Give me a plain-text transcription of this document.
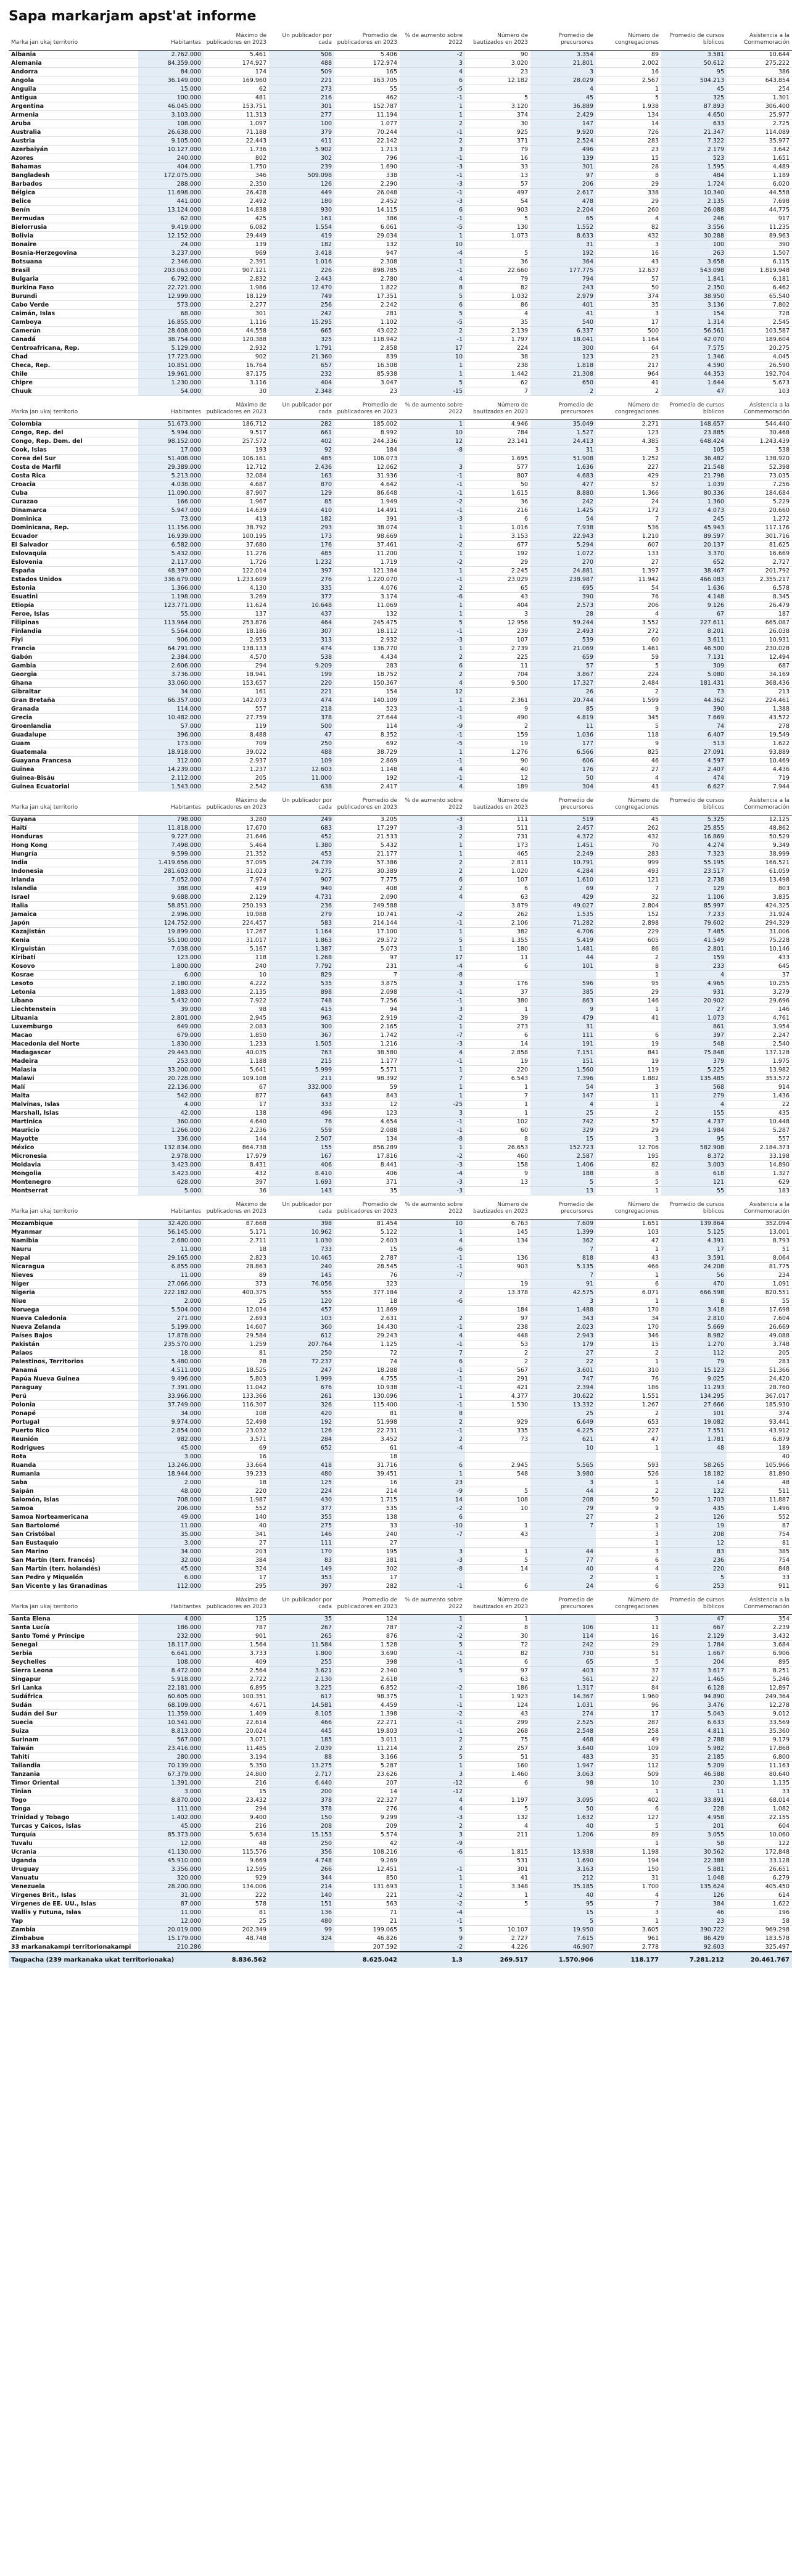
Sapa markarjam apst'at informe
Marka jan ukaj territorio	Habitantes	Máximo de publicadores en 2023	Un publicador por cada	Promedio de publicadores en 2023	% de aumento sobre 2022	Número de bautizados en 2023	Promedio de precursores	Número de congregaciones	Promedio de cursos bíblicos	Asistencia a la Conmemoración
Albania	2.762.000	5.461	506	5.406	-2	90	3.354	89	3.581	10.644
Alemania	84.359.000	174.927	488	172.974	3	3.020	21.801	2.002	50.612	275.222
Andorra	84.000	174	509	165	4	23	3	16	95	386
Angola	36.149.000	169.960	221	163.705	6	12.182	28.029	2.567	504.213	643.854
Anguila	15.000	62	273	55	-5		4	1	45	254
Antigua	100.000	481	216	462	-1	5	45	5	325	1.301
Argentina	46.045.000	153.751	301	152.787	1	3.120	36.889	1.938	87.893	306.400
Armenia	3.103.000	11.313	277	11.194	1	374	2.429	134	4.650	25.977
Aruba	108.000	1.097	100	1.077	2	30	147	14	633	2.725
Australia	26.638.000	71.188	379	70.244	-1	925	9.920	726	21.347	114.089
Austria	9.105.000	22.443	411	22.142	2	371	2.524	283	7.322	35.977
Azerbaiyán	10.127.000	1.736	5.902	1.713	3	79	496	23	2.179	3.642
Azores	240.000	802	302	796	-1	16	139	15	523	1.651
Bahamas	404.000	1.750	239	1.690	-3	33	301	28	1.595	4.489
Bangladesh	172.075.000	346	509.098	338	-1	13	97	8	484	1.189
Barbados	288.000	2.350	126	2.290	-3	57	206	29	1.724	6.020
Bélgica	11.698.000	26.428	449	26.048	-1	497	2.617	338	10.340	44.558
Belice	441.000	2.492	180	2.452	-3	54	478	29	2.135	7.698
Benín	13.124.000	14.838	930	14.115	6	903	2.204	260	26.088	44.775
Bermudas	62.000	425	161	386	-1	5	65	4	246	917
Bielorrusia	9.419.000	6.082	1.554	6.061	-5	130	1.552	82	3.556	11.235
Bolivia	12.152.000	29.449	419	29.034	1	1.073	8.633	432	30.288	89.963
Bonaire	24.000	139	182	132	10		31	3	100	390
Bosnia-Herzegovina	3.237.000	969	3.418	947	-4	5	192	16	263	1.507
Botsuana	2.346.000	2.391	1.016	2.308	1	36	364	43	3.658	6.115
Brasil	203.063.000	907.121	226	898.785	-1	22.660	177.775	12.637	543.098	1.819.948
Bulgaria	6.792.000	2.832	2.443	2.780	4	79	794	57	1.841	6.181
Burkina Faso	22.721.000	1.986	12.470	1.822	8	82	243	50	2.350	6.462
Burundi	12.999.000	18.129	749	17.351	5	1.032	2.979	374	38.950	65.540
Cabo Verde	573.000	2.277	256	2.242	6	86	401	35	3.136	7.802
Caimán, Islas	68.000	301	242	281	5	4	41	3	154	728
Camboya	16.855.000	1.116	15.295	1.102	-5	35	540	17	1.314	2.545
Camerún	28.608.000	44.558	665	43.022	2	2.139	6.337	500	56.561	103.587
Canadá	38.754.000	120.388	325	118.942	-1	1.797	18.041	1.164	42.070	189.604
Centroafricana, Rep.	5.129.000	2.932	1.791	2.858	17	224	300	64	7.575	20.275
Chad	17.723.000	902	21.360	839	10	38	123	23	1.346	4.045
Checa, Rep.	10.851.000	16.764	657	16.508	1	238	1.818	217	4.590	26.590
Chile	19.961.000	87.175	232	85.938	1	1.442	21.308	964	44.353	192.704
Chipre	1.230.000	3.116	404	3.047	5	62	650	41	1.644	5.673
Chuuk	54.000	30	2.348	23	-15	7	2	2	47	103
Marka jan ukaj territorio	Habitantes	Máximo de publicadores en 2023	Un publicador por cada	Promedio de publicadores en 2023	% de aumento sobre 2022	Número de bautizados en 2023	Promedio de precursores	Número de congregaciones	Promedio de cursos bíblicos	Asistencia a la Conmemoración
Colombia	51.673.000	186.712	282	185.002	1	4.946	35.049	2.271	148.657	544.440
Congo, Rep. del	5.994.000	9.517	661	8.992	10	784	1.527	123	23.885	30.468
Congo, Rep. Dem. del	98.152.000	257.572	402	244.336	12	23.141	24.413	4.385	648.424	1.243.439
Cook, Islas	17.000	193	92	184	-8		31	3	105	538
Corea del Sur	51.408.000	106.161	485	106.073		1.695	51.908	1.252	36.482	138.920
Costa de Marfil	29.389.000	12.712	2.436	12.062	3	577	1.636	227	21.548	52.398
Costa Rica	5.213.000	32.084	163	31.936	-1	807	4.683	429	21.798	73.035
Croacia	4.038.000	4.687	870	4.642	-1	50	477	57	1.039	7.256
Cuba	11.090.000	87.907	129	86.648	-1	1.615	8.880	1.366	80.336	184.684
Curazao	166.000	1.967	85	1.949	-2	36	242	24	1.360	5.229
Dinamarca	5.947.000	14.639	410	14.491	-1	216	1.425	172	4.073	20.660
Dominica	73.000	413	182	391	-3	6	54	7	245	1.272
Dominicana, Rep.	11.156.000	38.792	293	38.074	1	1.016	7.938	536	45.943	117.176
Ecuador	16.939.000	100.195	173	98.669	1	3.153	22.943	1.210	89.597	301.716
El Salvador	6.582.000	37.680	176	37.461	-2	677	5.294	607	20.137	81.625
Eslovaquia	5.432.000	11.276	485	11.200	1	192	1.072	133	3.370	16.669
Eslovenia	2.117.000	1.726	1.232	1.719	-2	29	270	27	652	2.727
España	48.397.000	122.014	397	121.384	1	2.245	24.881	1.397	38.467	201.792
Estados Unidos	336.679.000	1.233.609	276	1.220.070	-1	23.029	238.987	11.942	466.083	2.355.217
Estonia	1.366.000	4.130	335	4.076	2	65	695	54	1.636	6.578
Esuatini	1.198.000	3.269	377	3.174	-6	43	390	76	4.148	8.345
Etiopía	123.771.000	11.624	10.648	11.069	1	404	2.573	206	9.126	26.479
Feroe, Islas	55.000	137	437	132	1	3	28	4	67	187
Filipinas	113.964.000	253.876	464	245.475	5	12.956	59.244	3.552	227.611	665.087
Finlandia	5.564.000	18.186	307	18.112	-1	239	2.493	272	8.201	26.038
Fiyi	906.000	2.953	313	2.932	-3	107	539	60	3.611	10.931
Francia	64.791.000	138.133	474	136.770	1	2.739	21.069	1.461	46.500	230.028
Gabón	2.384.000	4.570	538	4.434	2	225	659	59	7.131	12.494
Gambia	2.606.000	294	9.209	283	6	11	57	5	309	687
Georgia	3.736.000	18.941	199	18.752	2	704	3.867	224	5.080	34.169
Ghana	33.060.000	153.657	220	150.367	4	9.500	17.327	2.484	181.431	368.436
Gibraltar	34.000	161	221	154	12		26	2	73	213
Gran Bretaña	66.357.000	142.073	474	140.109	1	2.361	20.744	1.599	44.362	224.461
Granada	114.000	557	218	523	-1	9	85	9	390	1.388
Grecia	10.482.000	27.759	378	27.644	-1	490	4.819	345	7.669	43.572
Groenlandia	57.000	119	500	114	-9	2	11	5	74	278
Guadalupe	396.000	8.488	47	8.352	-1	159	1.036	118	6.407	19.549
Guam	173.000	709	250	692	-5	19	177	9	513	1.622
Guatemala	18.918.000	39.022	488	38.729	1	1.276	6.566	825	27.091	93.889
Guayana Francesa	312.000	2.937	109	2.869	-1	90	606	46	4.597	10.469
Guinea	14.239.000	1.237	12.603	1.148	4	40	176	27	2.407	4.436
Guinea-Bisáu	2.112.000	205	11.000	192	-1	12	50	4	474	719
Guinea Ecuatorial	1.543.000	2.542	638	2.417	4	189	304	43	6.627	7.944
Marka jan ukaj territorio	Habitantes	Máximo de publicadores en 2023	Un publicador por cada	Promedio de publicadores en 2023	% de aumento sobre 2022	Número de bautizados en 2023	Promedio de precursores	Número de congregaciones	Promedio de cursos bíblicos	Asistencia a la Conmemoración
Guyana	798.000	3.280	249	3.205	-3	111	519	45	5.325	12.125
Haití	11.818.000	17.670	683	17.297	-3	511	2.457	262	25.855	48.862
Honduras	9.727.000	21.646	452	21.533	2	731	4.372	432	16.869	50.529
Hong Kong	7.498.000	5.464	1.380	5.432	1	173	1.451	70	4.274	9.349
Hungría	9.599.000	21.352	453	21.177	1	465	2.249	283	7.323	38.999
India	1.419.656.000	57.095	24.739	57.386	2	2.811	10.791	999	55.195	166.521
Indonesia	281.603.000	31.023	9.275	30.389	2	1.020	4.284	493	23.517	61.059
Irlanda	7.052.000	7.974	907	7.775	6	107	1.610	121	2.738	13.498
Islandia	388.000	419	940	408	2	6	69	7	129	803
Israel	9.688.000	2.129	4.731	2.090	4	63	429	32	1.106	3.835
Italia	58.851.000	250.193	236	249.588		3.879	49.027	2.804	85.997	424.325
Jamaica	2.996.000	10.988	279	10.741	-2	262	1.535	152	7.233	31.924
Japón	124.752.000	224.457	583	214.144	-1	2.106	71.282	2.898	79.602	294.329
Kazajistán	19.899.000	17.267	1.164	17.100	1	382	4.706	229	7.485	31.006
Kenia	55.100.000	31.017	1.863	29.572	5	1.355	5.419	605	41.549	75.228
Kirguistán	7.038.000	5.167	1.387	5.073	1	180	1.481	86	2.801	10.146
Kiribati	123.000	118	1.268	97	17	11	44	2	159	433
Kosovo	1.800.000	240	7.792	231	-4	6	101	8	233	645
Kosrae	6.000	10	829	7	-8			1	4	37
Lesoto	2.180.000	4.222	535	3.875	3	176	596	95	4.965	10.255
Letonia	1.883.000	2.135	898	2.098	-1	37	385	29	931	3.279
Líbano	5.432.000	7.922	748	7.256	-1	380	863	146	20.902	29.696
Liechtenstein	39.000	98	415	94	3	1	9	1	27	146
Lituania	2.801.000	2.945	963	2.919	-2	39	479	41	1.073	4.761
Luxemburgo	649.000	2.083	300	2.165	1	273	31		861	3.954
Macao	679.000	1.850	367	1.742	-7	6	111	6	397	2.247
Macedonia del Norte	1.830.000	1.233	1.505	1.216	-3	14	191	19	548	2.540
Madagascar	29.443.000	40.035	763	38.580	4	2.858	7.151	841	75.848	137.128
Madeira	253.000	1.188	215	1.177	-1	19	151	19	379	1.975
Malasia	33.200.000	5.641	5.999	5.571	1	220	1.560	119	5.225	13.982
Malawi	20.728.000	109.108	211	98.392	7	6.543	7.396	1.882	135.485	353.572
Malí	22.136.000	67	332.000	59	1	1	54	3	568	914
Malta	542.000	877	643	843	1	7	147	11	279	1.436
Malvinas, Islas	4.000	17	333	12	-25	1	4	1	4	22
Marshall, Islas	42.000	138	496	123	3	1	25	2	155	435
Martinica	360.000	4.640	76	4.654	-1	102	742	57	4.737	10.448
Mauricio	1.266.000	2.236	559	2.088	-1	60	329	29	1.984	5.287
Mayotte	336.000	144	2.507	134	-8	8	15	3	95	557
México	132.834.000	864.738	155	856.289	1	26.653	152.723	12.706	582.908	2.184.373
Micronesia	2.978.000	17.979	167	17.816	-2	460	2.587	195	8.372	33.198
Moldavia	3.423.000	8.431	406	8.441	-3	158	1.406	82	3.003	14.890
Mongolia	3.423.000	432	8.410	406	-4	9	188	8	618	1.327
Montenegro	628.000	397	1.693	371	-3	13	5	5	121	629
Montserrat	5.000	36	143	35	-3		13	1	55	183
Marka jan ukaj territorio	Habitantes	Máximo de publicadores en 2023	Un publicador por cada	Promedio de publicadores en 2023	% de aumento sobre 2022	Número de bautizados en 2023	Promedio de precursores	Número de congregaciones	Promedio de cursos bíblicos	Asistencia a la Conmemoración
Mozambique	32.420.000	87.668	398	81.454	10	6.763	7.609	1.651	139.864	352.094
Myanmar	56.145.000	5.171	10.962	5.122	1	145	1.399	103	5.125	13.001
Namibia	2.680.000	2.711	1.030	2.603	4	134	362	47	4.391	8.793
Nauru	11.000	18	733	15	-6		7	1	17	51
Nepal	29.165.000	2.823	10.465	2.787	-1	136	818	43	3.591	8.064
Nicaragua	6.855.000	28.863	240	28.545	-1	903	5.135	466	24.208	81.775
Nieves	11.000	89	145	76	-7		7	1	56	234
Níger	27.066.000	373	76.056	323		19	91	6	470	1.091
Nigeria	222.182.000	400.375	555	377.184	2	13.378	42.575	6.071	666.598	820.551
Niue	2.000	25	120	18	-6		3	1	8	55
Noruega	5.504.000	12.034	457	11.869		184	1.488	170	3.418	17.698
Nueva Caledonia	271.000	2.693	103	2.631	2	97	343	34	2.810	7.604
Nueva Zelanda	5.199.000	14.607	360	14.430	-1	238	2.023	170	5.669	26.669
Países Bajos	17.878.000	29.584	612	29.243	4	448	2.943	346	8.982	49.088
Pakistán	235.570.000	1.259	207.764	1.125	-1	53	179	15	1.270	3.748
Palaos	18.000	81	250	72	7	2	27	2	112	205
Palestinos, Territorios	5.480.000	78	72.237	74	6	2	22	1	79	283
Panamá	4.511.000	18.525	247	18.288	-1	567	3.601	310	15.123	51.366
Papúa Nueva Guinea	9.496.000	5.803	1.999	4.755	-1	291	747	76	9.025	24.420
Paraguay	7.391.000	11.042	676	10.938	-1	421	2.394	186	11.293	28.760
Perú	33.966.000	133.366	261	130.096	1	4.377	30.622	1.551	134.295	367.017
Polonia	37.749.000	116.307	326	115.400	-1	1.530	13.332	1.267	27.666	185.930
Ponapé	34.000	108	420	81	8		25	2	101	374
Portugal	9.974.000	52.498	192	51.998	2	929	6.649	653	19.082	93.441
Puerto Rico	2.854.000	23.032	126	22.731	-1	335	4.225	227	7.551	43.912
Reunión	982.000	3.571	284	3.452	2	73	621	47	1.781	6.879
Rodrigues	45.000	69	652	61	-4		10	1	48	189
Rota	3.000	16		18						40
Ruanda	13.246.000	33.664	418	31.716	6	2.945	5.565	593	58.265	105.966
Rumania	18.944.000	39.233	480	39.451	1	548	3.980	526	18.182	81.890
Saba	2.000	18	125	16	23		3	1	14	48
Saipán	48.000	220	224	214	-9	5	44	2	132	511
Salomón, Islas	708.000	1.987	430	1.715	14	108	208	50	1.703	11.887
Samoa	206.000	552	377	535	-2	10	79	9	435	1.496
Samoa Norteamericana	49.000	140	355	138	6		27	2	126	552
San Bartolomé	11.000	40	275	33	-10	1	7	1	19	87
San Cristóbal	35.000	341	146	240	-7	43		3	208	754
San Eustaquio	3.000	27	111	27				1	12	81
San Marino	34.000	203	170	195	3	1	44	3	83	385
San Martín (terr. francés)	32.000	384	83	381	-3	5	77	6	236	754
San Martín (terr. holandés)	45.000	324	149	302	-8	14	40	4	220	848
San Pedro y Miquelón	6.000	17	353	17			2	1	5	33
San Vicente y las Granadinas	112.000	295	397	282	-1	6	24	6	253	911
Marka jan ukaj territorio	Habitantes	Máximo de publicadores en 2023	Un publicador por cada	Promedio de publicadores en 2023	% de aumento sobre 2022	Número de bautizados en 2023	Promedio de precursores	Número de congregaciones	Promedio de cursos bíblicos	Asistencia a la Conmemoración
Santa Elena	4.000	125	35	124	1	1		3	47	354
Santa Lucía	186.000	787	267	787	-2	8	106	11	667	2.239
Santo Tomé y Príncipe	232.000	901	265	876	-2	30	114	16	2.129	3.432
Senegal	18.117.000	1.564	11.584	1.528	5	72	242	29	1.784	3.684
Serbia	6.641.000	3.733	1.800	3.690	-1	82	730	51	1.667	6.906
Seychelles	108.000	409	255	398	-1	6	65	5	204	895
Sierra Leona	8.472.000	2.564	3.621	2.340	5	97	403	37	3.617	8.251
Singapur	5.918.000	2.722	2.130	2.618		63	561	27	1.465	5.246
Sri Lanka	22.181.000	6.895	3.225	6.852	-2	186	1.317	84	6.128	12.897
Sudáfrica	60.605.000	100.351	617	98.375	1	1.923	14.367	1.960	94.890	249.364
Sudán	68.109.000	4.671	14.581	4.459	-1	124	1.031	96	3.476	12.278
Sudán del Sur	11.359.000	1.409	8.105	1.398	-2	43	274	17	5.043	9.012
Suecia	10.541.000	22.614	466	22.271	-1	299	2.525	287	6.633	33.569
Suiza	8.813.000	20.024	445	19.803	-1	268	2.548	258	4.811	35.360
Surinam	567.000	3.071	185	3.011	2	75	468	49	2.788	9.179
Taiwán	23.416.000	11.485	2.039	11.214	2	257	3.640	109	5.982	17.868
Tahití	280.000	3.194	88	3.166	5	51	483	35	2.185	6.800
Tailandia	70.139.000	5.350	13.275	5.287	1	160	1.947	112	5.209	11.163
Tanzania	67.379.000	24.800	2.717	23.626	3	1.460	3.063	509	46.588	80.640
Timor Oriental	1.391.000	216	6.440	207	-12	6	98	10	230	1.135
Tinian	3.000	15	200	14	-12			1	11	33
Togo	8.870.000	23.432	378	22.327	4	1.197	3.095	402	33.891	68.014
Tonga	111.000	294	378	276	4	5	50	6	228	1.082
Trinidad y Tobago	1.402.000	9.400	150	9.299	-3	132	1.632	127	4.958	22.155
Turcas y Caicos, Islas	45.000	216	208	209	2	4	40	5	201	604
Turquía	85.373.000	5.634	15.153	5.574	3	211	1.206	89	3.055	10.060
Tuvalu	12.000	48	250	42	-9			1	58	122
Ucrania	41.130.000	115.576	356	108.216	-6	1.815	13.938	1.198	30.562	172.848
Uganda	45.910.000	9.669	4.748	9.269		531	1.690	194	22.388	33.128
Uruguay	3.356.000	12.595	266	12.451	-1	301	3.163	150	5.881	26.651
Vanuatu	320.000	929	344	850	1	41	212	31	1.048	6.279
Venezuela	28.200.000	134.006	214	131.693	1	3.348	35.185	1.700	135.624	405.450
Vírgenes Brit., Islas	31.000	222	140	221	-2	1	40	4	126	614
Vírgenes de EE. UU., Islas	87.000	578	151	563	-2	5	95	7	384	1.622
Wallis y Futuna, Islas	11.000	81	136	71	-4		15	3	46	196
Yap	12.000	25	480	21	-1		5	1	23	58
Zambia	20.019.000	202.349	99	199.065	5	10.107	19.950	3.605	390.722	969.298
Zimbabue	15.179.000	48.748	324	46.826	9	2.727	7.615	961	86.429	183.578
33 markanakampi territorionakampi	210.286			207.592	-2	4.226	46.907	2.778	92.603	325.497
Taqpacha (239 markanaka ukat territorionaka)		8.836.562		8.625.042	1.3	269.517	1.570.906	118.177	7.281.212	20.461.767
